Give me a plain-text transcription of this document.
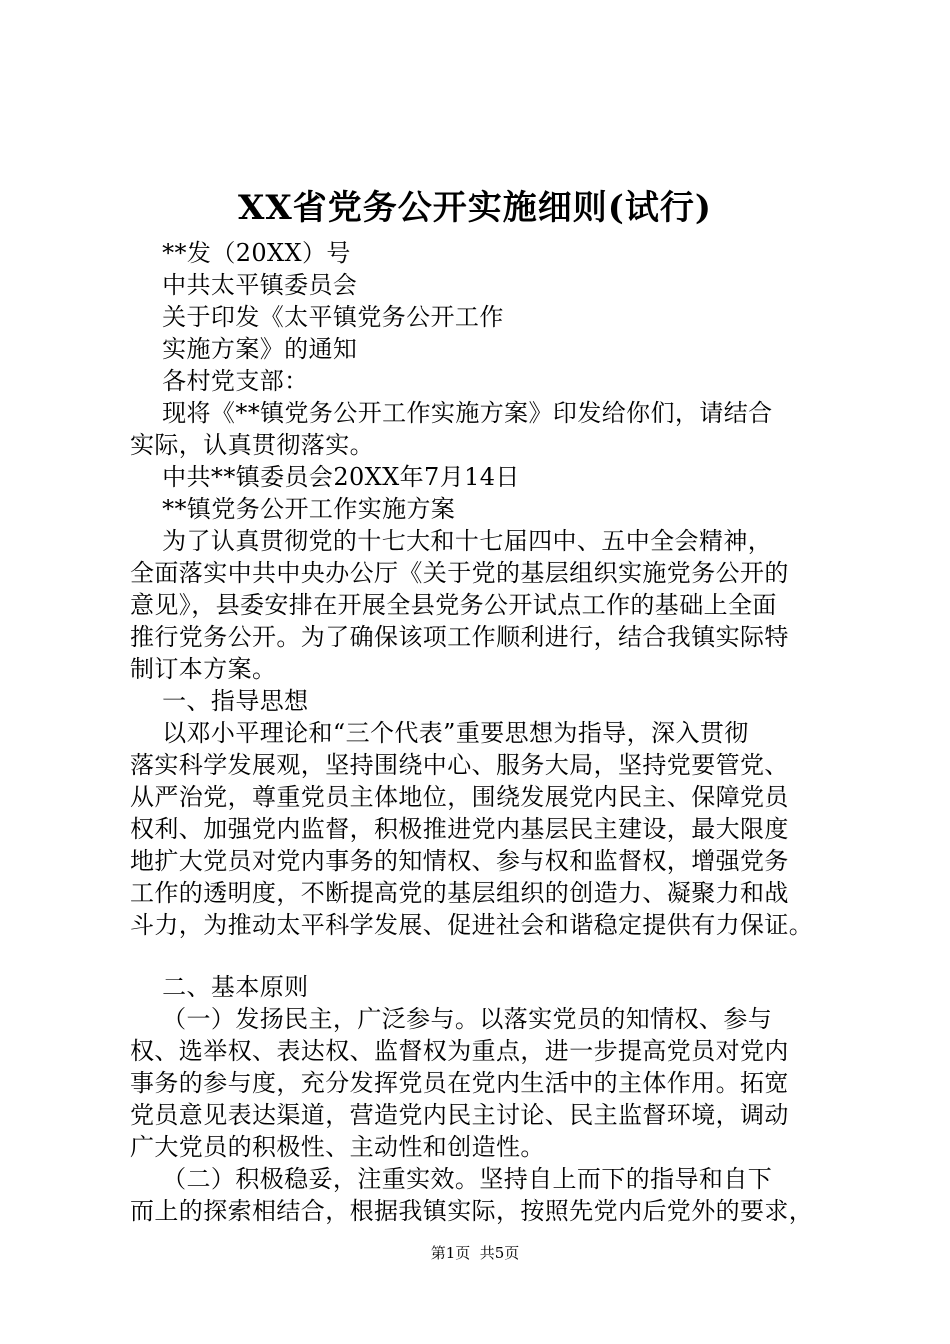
XX省党务公开实施细则(试行)

**发（20XX）号

中共太平镇委员会

关于印发《太平镇党务公开工作

实施方案》的通知

各村党支部：

现将《**镇党务公开工作实施方案》印发给你们，请结合

实际，认真贯彻落实。

中共**镇委员会20XX年7月14日

**镇党务公开工作实施方案

为了认真贯彻党的十七大和十七届四中、五中全会精神，

全面落实中共中央办公厅《关于党的基层组织实施党务公开的

意见》，县委安排在开展全县党务公开试点工作的基础上全面

推行党务公开。为了确保该项工作顺利进行，结合我镇实际特

制订本方案。

一、指导思想

以邓小平理论和“三个代表”重要思想为指导，深入贯彻

落实科学发展观，坚持围绕中心、服务大局，坚持党要管党、

从严治党，尊重党员主体地位，围绕发展党内民主、保障党员

权利、加强党内监督，积极推进党内基层民主建设，最大限度

地扩大党员对党内事务的知情权、参与权和监督权，增强党务

工作的透明度，不断提高党的基层组织的创造力、凝聚力和战

斗力，为推动太平科学发展、促进社会和谐稳定提供有力保证。

二、基本原则

（一）发扬民主，广泛参与。以落实党员的知情权、参与

权、选举权、表达权、监督权为重点，进一步提高党员对党内

事务的参与度，充分发挥党员在党内生活中的主体作用。拓宽

党员意见表达渠道，营造党内民主讨论、民主监督环境，调动

广大党员的积极性、主动性和创造性。

（二）积极稳妥，注重实效。坚持自上而下的指导和自下

而上的探索相结合，根据我镇实际，按照先党内后党外的要求，

第1页  共5页
